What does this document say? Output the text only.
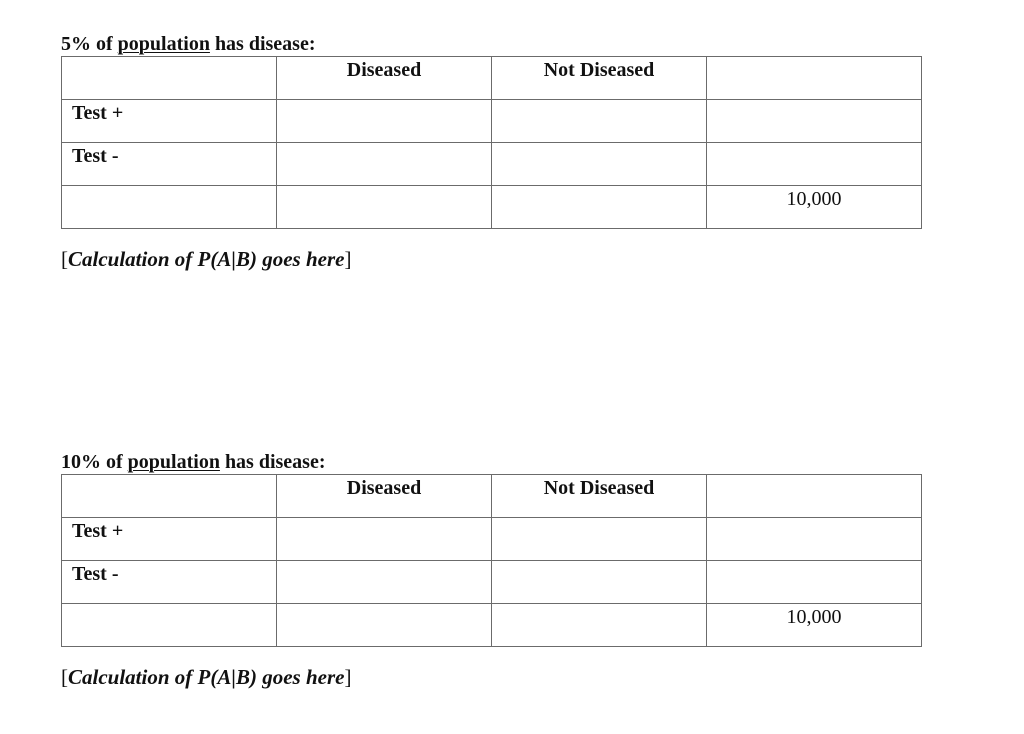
5% of population has disease:
	Diseased	Not Diseased	
Test +			
Test -			
			10,000
[Calculation of P(A|B) goes here]
10% of population has disease:
	Diseased	Not Diseased	
Test +			
Test -			
			10,000
[Calculation of P(A|B) goes here]
